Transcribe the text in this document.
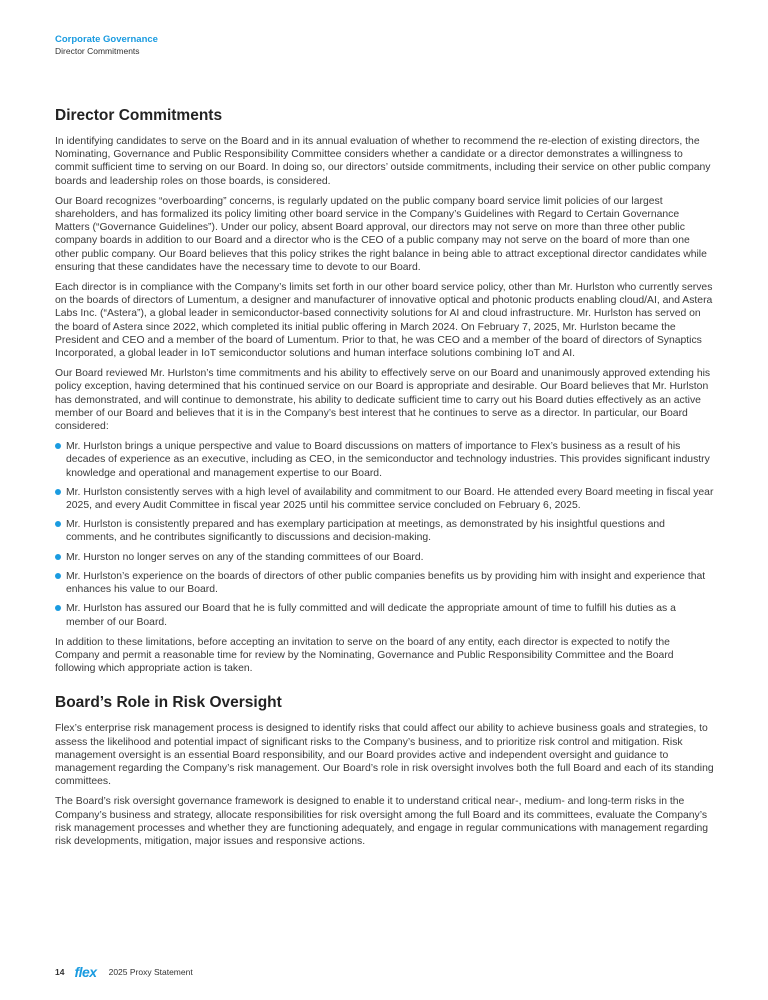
Corporate Governance
Director Commitments
Director Commitments

In identifying candidates to serve on the Board and in its annual evaluation of whether to recommend the re-election of existing directors, the Nominating, Governance and Public Responsibility Committee considers whether a candidate or a director demonstrates a willingness to commit sufficient time to serving on our Board. In doing so, our directors’ outside commitments, including their service on other public company boards and leadership roles on those boards, is considered.

Our Board recognizes “overboarding” concerns, is regularly updated on the public company board service limit policies of our largest shareholders, and has formalized its policy limiting other board service in the Company’s Guidelines with Regard to Certain Governance Matters (“Governance Guidelines”). Under our policy, absent Board approval, our directors may not serve on more than three other public company boards in addition to our Board and a director who is the CEO of a public company may not serve on the board of more than one other public company. Our Board believes that this policy strikes the right balance in being able to attract exceptional director candidates while ensuring that these candidates have the necessary time to devote to our Board.

Each director is in compliance with the Company’s limits set forth in our other board service policy, other than Mr. Hurlston who currently serves on the boards of directors of Lumentum, a designer and manufacturer of innovative optical and photonic products enabling cloud/AI, and Astera Labs Inc. (“Astera”), a global leader in semiconductor-based connectivity solutions for AI and cloud infrastructure. Mr. Hurlston has served on the board of Astera since 2022, which completed its initial public offering in March 2024. On February 7, 2025, Mr. Hurlston became the President and CEO and a member of the board of Lumentum. Prior to that, he was CEO and a member of the board of directors of Synaptics Incorporated, a global leader in IoT semiconductor solutions and human interface solutions combining IoT and AI.

Our Board reviewed Mr. Hurlston’s time commitments and his ability to effectively serve on our Board and unanimously approved extending his policy exception, having determined that his continued service on our Board is appropriate and desirable. Our Board believes that Mr. Hurlston has demonstrated, and will continue to demonstrate, his ability to dedicate sufficient time to carry out his Board duties effectively as an active member of our Board and believes that it is in the Company’s best interest that he continues to serve as a director. In particular, our Board considered:

Mr. Hurlston brings a unique perspective and value to Board discussions on matters of importance to Flex’s business as a result of his decades of experience as an executive, including as CEO, in the semiconductor and technology industries. This provides significant industry knowledge and operational and management expertise to our Board.
Mr. Hurlston consistently serves with a high level of availability and commitment to our Board. He attended every Board meeting in fiscal year 2025, and every Audit Committee in fiscal year 2025 until his committee service concluded on February 6, 2025.
Mr. Hurlston is consistently prepared and has exemplary participation at meetings, as demonstrated by his insightful questions and comments, and he contributes significantly to discussions and decision-making.
Mr. Hurston no longer serves on any of the standing committees of our Board.
Mr. Hurlston’s experience on the boards of directors of other public companies benefits us by providing him with insight and experience that enhances his value to our Board.
Mr. Hurlston has assured our Board that he is fully committed and will dedicate the appropriate amount of time to fulfill his duties as a member of our Board.

In addition to these limitations, before accepting an invitation to serve on the board of any entity, each director is expected to notify the Company and permit a reasonable time for review by the Nominating, Governance and Public Responsibility Committee and the Board following which appropriate action is taken.

Board’s Role in Risk Oversight

Flex’s enterprise risk management process is designed to identify risks that could affect our ability to achieve business goals and strategies, to assess the likelihood and potential impact of significant risks to the Company’s business, and to prioritize risk control and mitigation. Risk management oversight is an essential Board responsibility, and our Board provides active and independent oversight and guidance to management regarding the Company’s risk management. Our Board’s role in risk oversight involves both the full Board and each of its standing committees.

The Board’s risk oversight governance framework is designed to enable it to understand critical near-, medium- and long-term risks in the Company’s business and strategy, allocate responsibilities for risk oversight among the full Board and its committees, evaluate the Company’s risk management processes and whether they are functioning adequately, and engage in regular communications with management regarding risk developments, mitigation, major issues and responsive actions.

14 flex 2025 Proxy Statement
